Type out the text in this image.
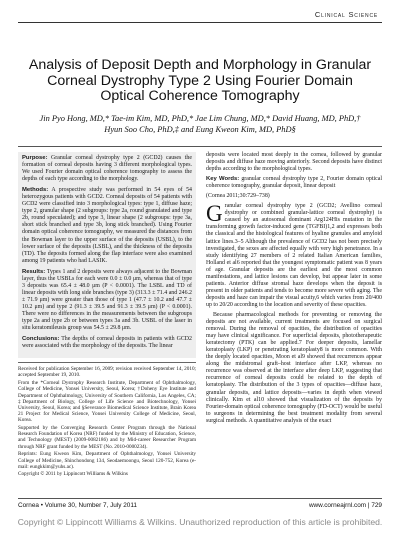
Clinical Science
Analysis of Deposit Depth and Morphology in Granular Corneal Dystrophy Type 2 Using Fourier Domain Optical Coherence Tomography
Jin Pyo Hong, MD,* Tae-im Kim, MD, PhD,* Jae Lim Chung, MD,* David Huang, MD, PhD,†
Hyun Soo Cho, PhD,‡ and Eung Kweon Kim, MD, PhD§

Purpose: Granular corneal dystrophy type 2 (GCD2) causes the formation of corneal deposits having 3 different morphological types. We used Fourier domain optical coherence tomography to assess the depths of each type according to the morphology.

Methods: A prospective study was performed in 54 eyes of 54 heterozygous patients with GCD2. Corneal deposits of 54 patients with GCD2 were classified into 3 morphological types: type 1, diffuse haze; type 2, granular shape (2 subgroups: type 2a, round granulated and type 2b, round speculated); and type 3, linear shape (2 subgroups: type 3a, short stick branched and type 3b, long stick branched). Using Fourier domain optical coherence tomography, we measured the distances from the Bowman layer to the upper surface of the deposits (USBL), to the lower surface of the deposits (LSBL), and the thickness of the deposits (TD). The deposits formed along the flap interface were also examined among 19 patients who had LASIK.

Results: Types 1 and 2 deposits were always adjacent to the Bowman layer, thus the USBLs for each were 0.0 ± 0.0 μm, whereas that of type 3 deposits was 65.4 ± 48.0 μm (P < 0.0001). The LSBL and TD of linear deposits with long side branches (type 3) (313.3 ± 71.4 and 246.2 ± 71.9 μm) were greater than those of type 1 (47.7 ± 10.2 and 47.7 ± 10.2 μm) and type 2 (91.3 ± 39.5 and 91.3 ± 39.5 μm) (P < 0.0001). There were no differences in the measurements between the subgroups type 2a and type 2b or between types 3a and 3b. USBL of the laser in situ keratomileusis group was 54.5 ± 29.8 μm.

Conclusions: The depths of corneal deposits in patients with GCD2 were associated with the morphology of the deposits. The linear

Received for publication September 16, 2009; revision received September 14, 2010; accepted September 19, 2010.

From the *Corneal Dystrophy Research Institute, Department of Ophthalmology, College of Medicine, Yonsei University, Seoul, Korea; †Doheny Eye Institute and Department of Ophthalmology, University of Southern California, Los Angeles, CA; ‡Department of Biology, College of Life Science and Biotechnology, Yonsei University, Seoul, Korea; and §Severance Biomedical Science Institute, Brain Korea 21 Project for Medical Science, Yonsei University College of Medicine, Seoul, Korea.

Supported by the Converging Research Center Program through the National Research Foundation of Korea (NRF) funded by the Ministry of Education, Science, and Technology (MEST) (2009-0082186) and by Mid-career Researcher Program through NRF grant funded by the MEST (No. 2010-0000234).

Reprints: Eung Kweon Kim, Department of Ophthalmology, Yonsei University College of Medicine, Shinchondong 134, Seodaemoongu, Seoul 120-752, Korea (e-mail: eungkkim@yuhs.ac).

Copyright © 2011 by Lippincott Williams & Wilkins

deposits were located most deeply in the cornea, followed by granular deposits and diffuse haze moving anteriorly. Second deposits have distinct depths according to the morphological types.

Key Words: granular corneal dystrophy type 2, Fourier domain optical coherence tomography, granular deposit, linear deposit

(Cornea 2011;30:729–738)

Granular corneal dystrophy type 2 (GCD2; Avellino corneal dystrophy or combined granular-lattice corneal dystrophy) is caused by an autosomal dominant Arg124His mutation in the transforming growth factor-induced gene (TGFBI)1,2 and expresses both the classical and the histological features of hyaline granules and amyloid lattice lines.3–5 Although the prevalence of GCD2 has not been precisely investigated, the sexes are affected equally with very high penetrance. In a study identifying 27 members of 2 related Italian American families, Holland et al6 reported that the youngest symptomatic patient was 8 years of age. Granular deposits are the earliest and the most common manifestations, and lattice lesions can develop, but appear later in some patients. Anterior diffuse stromal haze develops when the deposit is present in older patients and tends to become more severe with aging. The deposits and haze can impair the visual acuity,6 which varies from 20/400 up to 20/20 according to the location and severity of these opacities.

Because pharmacological methods for preventing or removing the deposits are not available, current treatments are focused on surgical removal. During the removal of opacities, the distribution of opacities may have clinical significance. For superficial deposits, phototherapeutic keratectomy (PTK) can be applied.7 For deeper deposits, lamellar keratoplasty (LKP) or penetrating keratoplasty8 is more common. With the deeply located opacities, Moon et al9 showed that recurrences appear along the midstromal graft–host interface after LKP, whereas no recurrence was observed at the interface after deep LKP, suggesting that recurrence of corneal deposits could be related to the depth of keratoplasty. The distribution of the 3 types of opacities—diffuse haze, granular deposits, and lattice deposits—varies in depth when viewed clinically. Kim et al10 showed that visualization of the deposits by Fourier-domain optical coherence tomography (FD-OCT) would be useful to surgeons in determining the best treatment modality from several surgical methods. A quantitative analysis of the exact

Cornea • Volume 30, Number 7, July 2011	www.corneajrnl.com | 729
Copyright © Lippincott Williams & Wilkins. Unauthorized reproduction of this article is prohibited.
